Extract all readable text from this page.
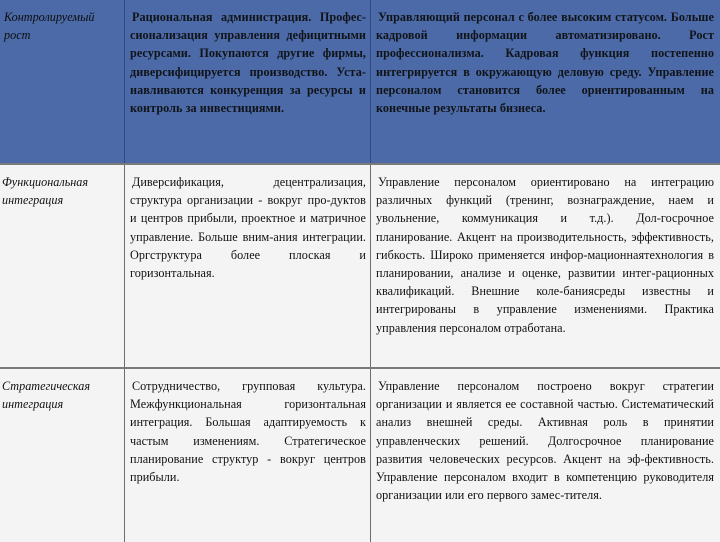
Контролируемый рост
Рациональная администрация. Профес-сионализация управления дефицитными ресурсами. Покупаются другие фирмы, диверсифицируется производство. Уста-навливаются конкуренция за ресурсы и контроль за инвестициями.
Управляющий персонал с более высоким статусом. Больше кадровой информации автоматизировано. Рост профессионализма. Кадровая функция постепенно интегрируется в окружающую деловую среду. Управление персоналом становится более ориентированным на конечные результаты бизнеса.
Функциональная интеграция
Диверсификация, децентрализация, структура организации - вокруг про-дуктов и центров прибыли, проектное и матричное управление. Больше вним-ания интеграции. Оргструктура более плоская и горизонтальная.
Управление персоналом ориентировано на интеграцию различных функций (тренинг, вознаграждение, наем и увольнение, коммуникация и т.д.). Дол-госрочное планирование. Акцент на производительность, эффективность, гибкость. Широко применяется инфор-мационнаятехнология в планировании, анализе и оценке, развитии интег-рационных квалификаций. Внешние коле-банияcреды известны и интегрированы в управление изменениями. Практика управления персоналом отработана.
Стратегическая интеграция
Сотрудничество, групповая культура. Межфункциональная горизонтальная интеграция. Большая адаптируемость к частым изменениям. Стратегическое планирование структур - вокруг центров прибыли.
Управление персоналом построено вокруг стратегии организации и является ее составной частью. Систематический анализ внешней среды. Активная роль в принятии управленческих решений. Долгосрочное планирование развития человеческих ресурсов. Акцент на эф-фективность. Управление персоналом входит в компетенцию руководителя организации или его первого замес-тителя.
